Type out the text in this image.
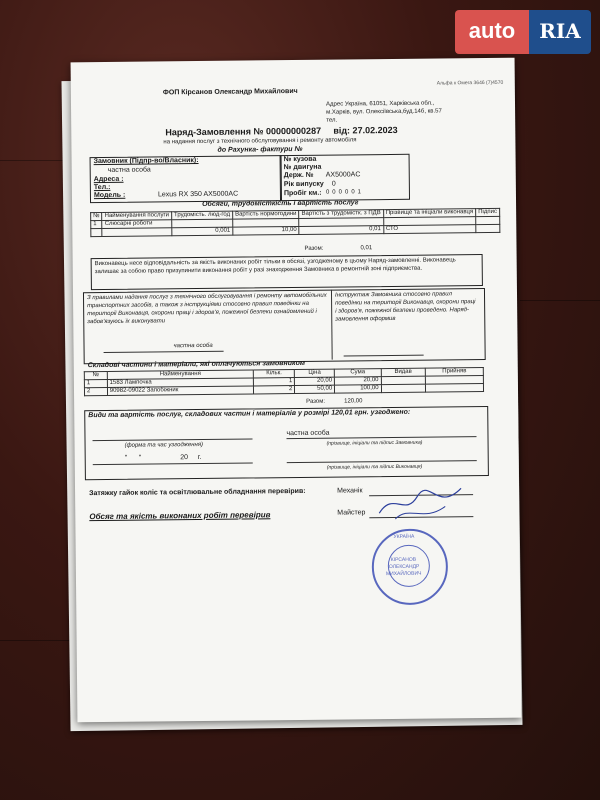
auto	RIA
Альфа к Омега 3646 (7)4570
ФОП Кірсанов Олександр Михайлович
Адрес Україна, 61051, Харківська обл.,
м.Харків, вул. Олексіївська,буд.14б, кв.57
тел.
Наряд-Замовлення № 00000000287 від: 27.02.2023
на надання послуг з технічного обслуговування і ремонту автомобіля
до Рахунка- фактури №
Замовник (Підпр-во/Власник):
частна особа
Адреса :
Тел.:
Модель :	Lexus RX 350 AX5000AC
№ кузова
№ двигуна
Держ. № AX5000AC
Рік випуску 0
Пробіг км.: 000001
Обсяги, трудомісткість і вартість послуг
№	Найменування послуги	Трудомість. люд-год	Вартість нормогодини	Вартість з трудомістк. з ПДВ	Прізвище та ініціали виконавця	Підпис
1	Слюсарні роботи					
		0,001	10,00	0,01	СТО	
Разом:	0,01
Виконавець несе відповідальність за якість виконаних робіт тільки в обсязі, узгодженому в цьому Наряд-замовленні. Виконавець залишає за собою право призупинити виконання робіт у разі знаходження Замовника в ремонтній зоні підприємства.
З правилами надання послуг з технічного обслуговування і ремонту автомобільних транспортних засобів, а також з інструкціями стосовно правил поведінки на території Виконавця, охорони праці і здоров'я, пожежної безпеки ознайомлений і забов'язуюсь їх виконувати
частна особа
Інструктаж Замовника стосовно правил поведінки на території Виконавця, охорони праці і здоров'я, пожежної безпеки проведено. Наряд-замовлення оформив
Складові частини і матеріали, які оплачуються замовником
№	Найменування	Кільк.	Ціна	Сума	Видав	Прийняв
1	1583 Лампочка	1	20,00	20,00		
2	90982-09022 Запобіжник	2	50,00	100,00		
Разом:	120,00
Види та вартість послуг, складових частин і матеріалів у розмірі 120,01 грн. узгоджено:
(форма та час узгодження)
частна особа
(прізвище, ініціали та підпис Замовника)
"      "                    20     г.
(прізвище, ініціали та підпис Виконавця)
Затяжку гайок коліс та освітлювальне обладнання перевірив:	Механік
Обсяг та якість виконаних робіт перевірив	Майстер
УКРАЇНА
КІРСАНОВ
ОЛЕКСАНДР
МИХАЙЛОВИЧ
